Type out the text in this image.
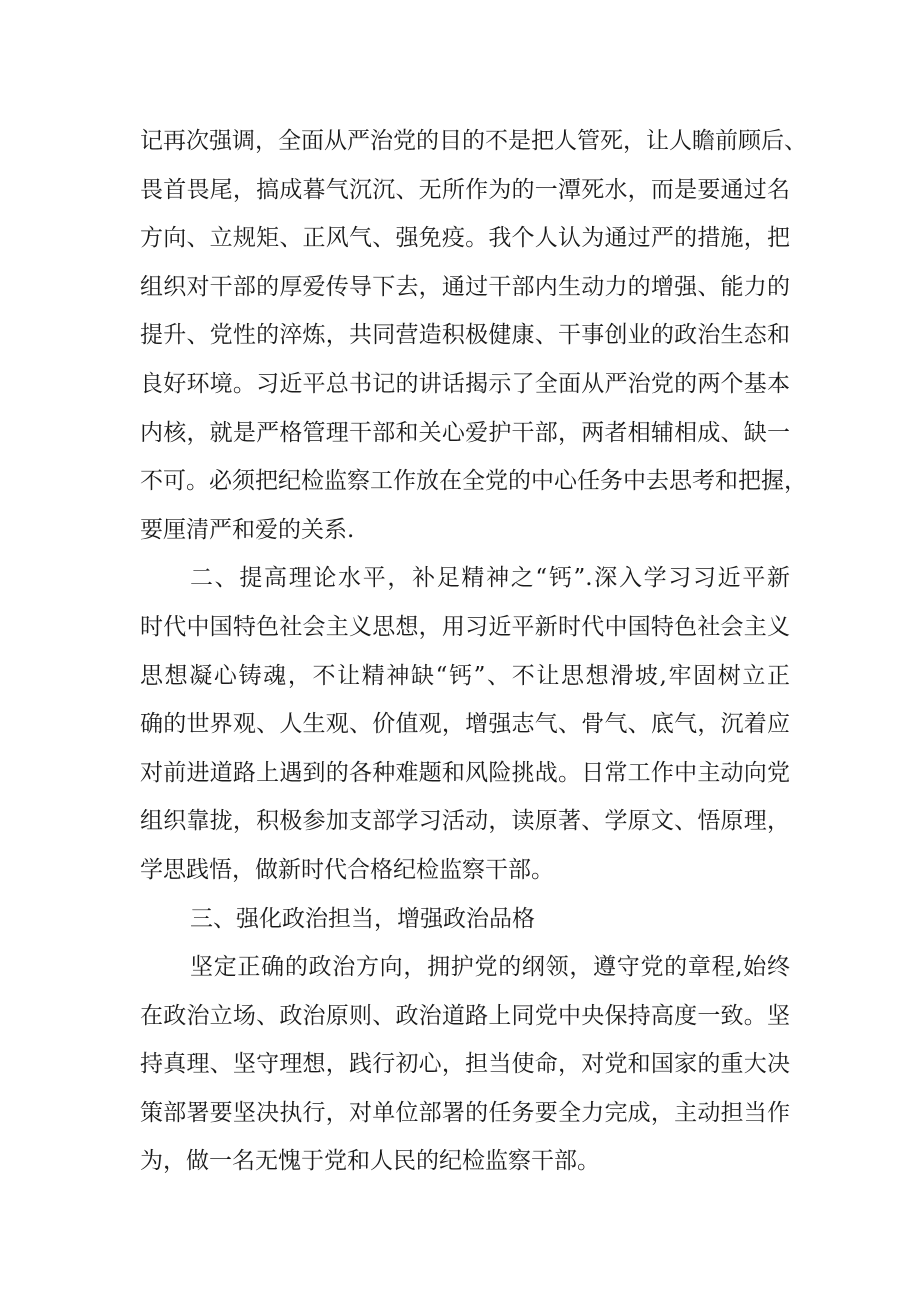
记再次强调，全面从严治党的目的不是把人管死，让人瞻前顾后、
畏首畏尾，搞成暮气沉沉、无所作为的一潭死水，而是要通过名
方向、立规矩、正风气、强免疫。我个人认为通过严的措施，把
组织对干部的厚爱传导下去，通过干部内生动力的增强、能力的
提升、党性的淬炼，共同营造积极健康、干事创业的政治生态和
良好环境。习近平总书记的讲话揭示了全面从严治党的两个基本
内核，就是严格管理干部和关心爱护干部，两者相辅相成、缺一
不可。必须把纪检监察工作放在全党的中心任务中去思考和把握，
要厘清严和爱的关系.
二、提高理论水平，补足精神之“钙”.深入学习习近平新
时代中国特色社会主义思想，用习近平新时代中国特色社会主义
思想凝心铸魂，不让精神缺“钙”、不让思想滑坡,牢固树立正
确的世界观、人生观、价值观，增强志气、骨气、底气，沉着应
对前进道路上遇到的各种难题和风险挑战。日常工作中主动向党
组织靠拢，积极参加支部学习活动，读原著、学原文、悟原理，
学思践悟，做新时代合格纪检监察干部。
三、强化政治担当，增强政治品格
坚定正确的政治方向，拥护党的纲领，遵守党的章程,始终
在政治立场、政治原则、政治道路上同党中央保持高度一致。坚
持真理、坚守理想，践行初心，担当使命，对党和国家的重大决
策部署要坚决执行，对单位部署的任务要全力完成，主动担当作
为，做一名无愧于党和人民的纪检监察干部。
